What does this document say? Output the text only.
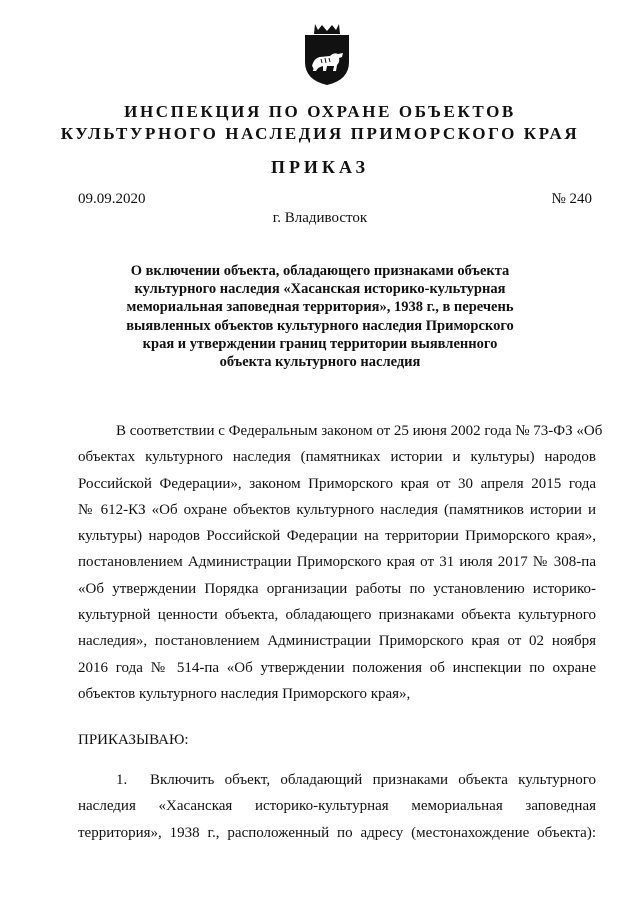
ИНСПЕКЦИЯ ПО ОХРАНЕ ОБЪЕКТОВ
КУЛЬТУРНОГО НАСЛЕДИЯ ПРИМОРСКОГО КРАЯ
ПРИКАЗ
09.09.2020	№ 240
г. Владивосток
О включении объекта, обладающего признаками объекта
культурного наследия «Хасанская историко-культурная
мемориальная заповедная территория», 1938 г., в перечень
выявленных объектов культурного наследия Приморского
края и утверждении границ территории выявленного
объекта культурного наследия
В соответствии с Федеральным законом от 25 июня 2002 года № 73-ФЗ «Об
объектах культурного наследия (памятниках истории и культуры) народов
Российской Федерации», законом Приморского края от 30 апреля 2015 года
№ 612-КЗ «Об охране объектов культурного наследия (памятников истории и
культуры) народов Российской Федерации на территории Приморского края»,
постановлением Администрации Приморского края от 31 июля 2017 № 308-па
«Об утверждении Порядка организации работы по установлению историко-
культурной ценности объекта, обладающего признаками объекта культурного
наследия», постановлением Администрации Приморского края от 02 ноября
2016 года № 514-па «Об утверждении положения об инспекции по охране
объектов культурного наследия Приморского края»,
ПРИКАЗЫВАЮ:
1. Включить объект, обладающий признаками объекта культурного
наследия «Хасанская историко-культурная мемориальная заповедная
территория», 1938 г., расположенный по адресу (местонахождение объекта):
